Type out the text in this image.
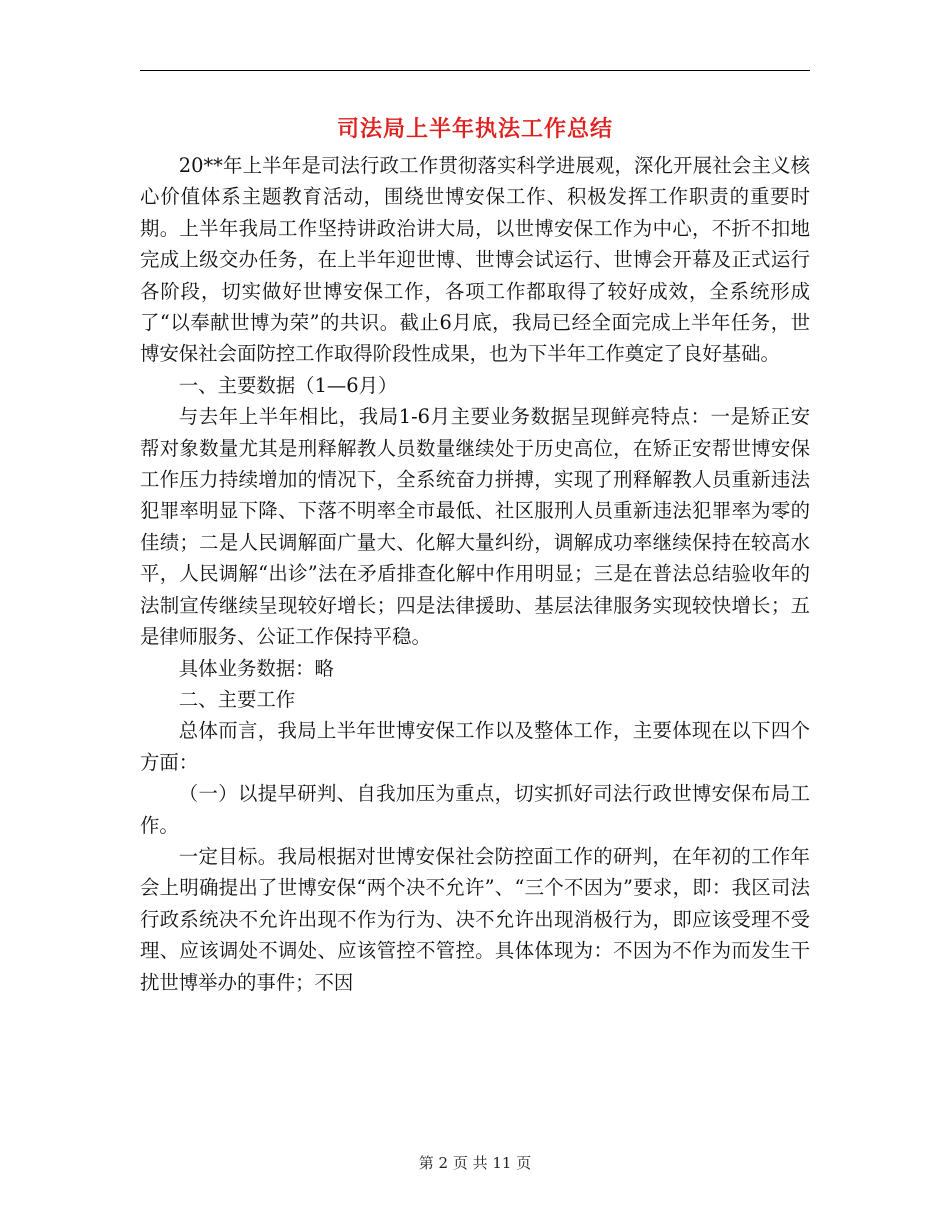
司法局上半年执法工作总结

20**年上半年是司法行政工作贯彻落实科学进展观，深化开展社会主义核心价值体系主题教育活动，围绕世博安保工作、积极发挥工作职责的重要时期。上半年我局工作坚持讲政治讲大局，以世博安保工作为中心，不折不扣地完成上级交办任务，在上半年迎世博、世博会试运行、世博会开幕及正式运行各阶段，切实做好世博安保工作，各项工作都取得了较好成效，全系统形成了“以奉献世博为荣”的共识。截止6月底，我局已经全面完成上半年任务，世博安保社会面防控工作取得阶段性成果，也为下半年工作奠定了良好基础。

一、主要数据（1—6月）

与去年上半年相比，我局1-6月主要业务数据呈现鲜亮特点：一是矫正安帮对象数量尤其是刑释解教人员数量继续处于历史高位，在矫正安帮世博安保工作压力持续增加的情况下，全系统奋力拼搏，实现了刑释解教人员重新违法犯罪率明显下降、下落不明率全市最低、社区服刑人员重新违法犯罪率为零的佳绩；二是人民调解面广量大、化解大量纠纷，调解成功率继续保持在较高水平，人民调解“出诊”法在矛盾排查化解中作用明显；三是在普法总结验收年的法制宣传继续呈现较好增长；四是法律援助、基层法律服务实现较快增长；五是律师服务、公证工作保持平稳。

具体业务数据：略

二、主要工作

总体而言，我局上半年世博安保工作以及整体工作，主要体现在以下四个方面：

（一）以提早研判、自我加压为重点，切实抓好司法行政世博安保布局工作。

一定目标。我局根据对世博安保社会防控面工作的研判，在年初的工作年会上明确提出了世博安保“两个决不允许”、“三个不因为”要求，即：我区司法行政系统决不允许出现不作为行为、决不允许出现消极行为，即应该受理不受理、应该调处不调处、应该管控不管控。具体体现为：不因为不作为而发生干扰世博举办的事件；不因

第 2 页 共 11 页
